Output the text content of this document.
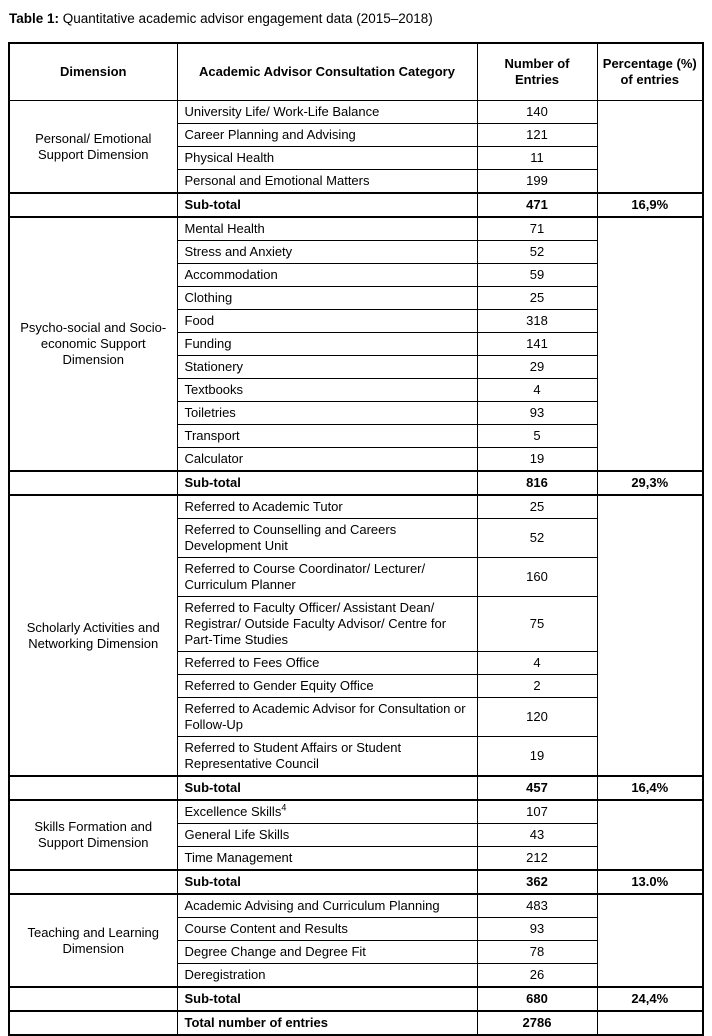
Table 1: Quantitative academic advisor engagement data (2015–2018)

Dimension	Academic Advisor Consultation Category	Number of Entries	Percentage (%) of entries
Personal/ Emotional Support Dimension	University Life/ Work-Life Balance	140	
	Career Planning and Advising	121	
	Physical Health	11	
	Personal and Emotional Matters	199	
	Sub-total	471	16,9%
Psycho-social and Socio-economic Support Dimension	Mental Health	71	
	Stress and Anxiety	52	
	Accommodation	59	
	Clothing	25	
	Food	318	
	Funding	141	
	Stationery	29	
	Textbooks	4	
	Toiletries	93	
	Transport	5	
	Calculator	19	
	Sub-total	816	29,3%
Scholarly Activities and Networking Dimension	Referred to Academic Tutor	25	
	Referred to Counselling and Careers Development Unit	52	
	Referred to Course Coordinator/ Lecturer/ Curriculum Planner	160	
	Referred to Faculty Officer/ Assistant Dean/ Registrar/ Outside Faculty Advisor/ Centre for Part-Time Studies	75	
	Referred to Fees Office	4	
	Referred to Gender Equity Office	2	
	Referred to Academic Advisor for Consultation or Follow-Up	120	
	Referred to Student Affairs or Student Representative Council	19	
	Sub-total	457	16,4%
Skills Formation and Support Dimension	Excellence Skills$^4$	107	
	General Life Skills	43	
	Time Management	212	
	Sub-total	362	13.0%
Teaching and Learning Dimension	Academic Advising and Curriculum Planning	483	
	Course Content and Results	93	
	Degree Change and Degree Fit	78	
	Deregistration	26	
	Sub-total	680	24,4%
	Total number of entries	2786	
